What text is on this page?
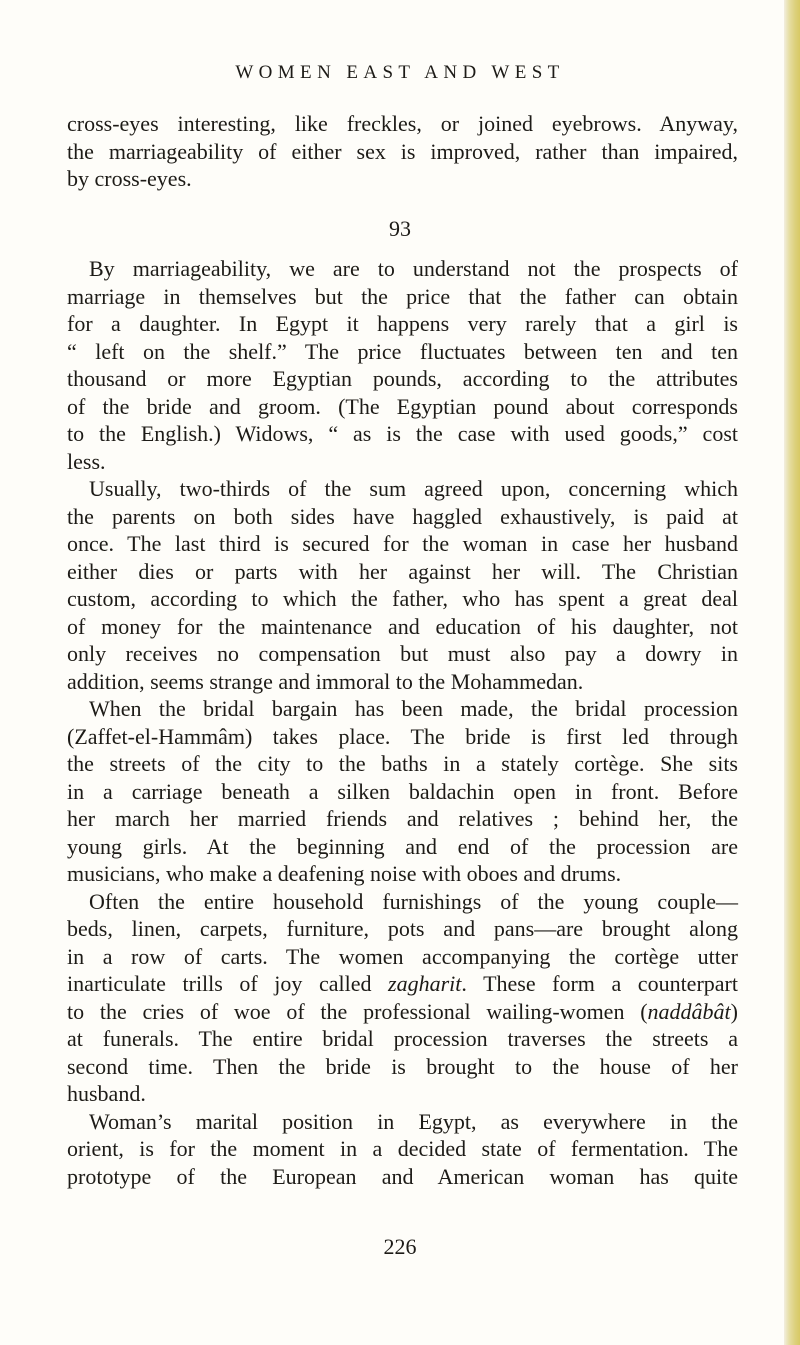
WOMEN EAST AND WEST

cross-eyes interesting, like freckles, or joined eyebrows. Anyway,
the marriageability of either sex is improved, rather than impaired,
by cross-eyes.

93

By marriageability, we are to understand not the prospects of
marriage in themselves but the price that the father can obtain
for a daughter. In Egypt it happens very rarely that a girl is
“ left on the shelf.” The price fluctuates between ten and ten
thousand or more Egyptian pounds, according to the attributes
of the bride and groom. (The Egyptian pound about corresponds
to the English.) Widows, “ as is the case with used goods,” cost
less.
Usually, two-thirds of the sum agreed upon, concerning which
the parents on both sides have haggled exhaustively, is paid at
once. The last third is secured for the woman in case her husband
either dies or parts with her against her will. The Christian
custom, according to which the father, who has spent a great deal
of money for the maintenance and education of his daughter, not
only receives no compensation but must also pay a dowry in
addition, seems strange and immoral to the Mohammedan.
When the bridal bargain has been made, the bridal procession
(Zaffet-el-Hammâm) takes place. The bride is first led through
the streets of the city to the baths in a stately cortège. She sits
in a carriage beneath a silken baldachin open in front. Before
her march her married friends and relatives ; behind her, the
young girls. At the beginning and end of the procession are
musicians, who make a deafening noise with oboes and drums.
Often the entire household furnishings of the young couple—
beds, linen, carpets, furniture, pots and pans—are brought along
in a row of carts. The women accompanying the cortège utter
inarticulate trills of joy called zagharit. These form a counterpart
to the cries of woe of the professional wailing-women (naddâbât)
at funerals. The entire bridal procession traverses the streets a
second time. Then the bride is brought to the house of her
husband.
Woman’s marital position in Egypt, as everywhere in the
orient, is for the moment in a decided state of fermentation. The
prototype of the European and American woman has quite

226
